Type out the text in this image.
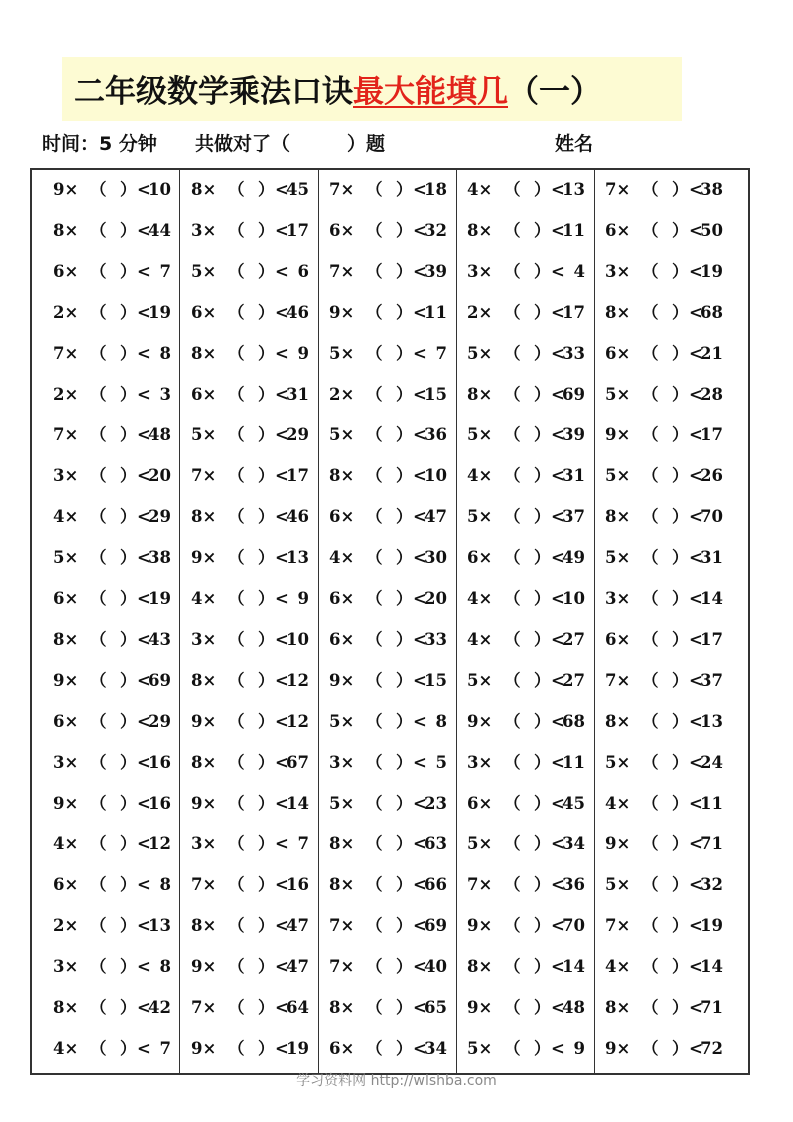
二年级数学乘法口诀最大能填几（一）
时间：5 分钟 共做对了（　　　）题	姓名
9× （ ） <
10
8× （ ） <
44
6× （ ） < 7
2× （ ） <
19
7× （ ） < 8
2× （ ） < 3
7× （ ） <
48
3× （ ） <
20
4× （ ） <
29
5× （ ） <
38
6× （ ） <
19
8× （ ） <
43
9× （ ） <
69
6× （ ） <
29
3× （ ） <
16
9× （ ） <
16
4× （ ） <
12
6× （ ） < 8
2× （ ） <
13
3× （ ） < 8
8× （ ） <
42
4× （ ） < 7
8× （ ） <
45
3× （ ） <
17
5× （ ） < 6
6× （ ） <
46
8× （ ） < 9
6× （ ） <
31
5× （ ） <
29
7× （ ） <
17
8× （ ） <
46
9× （ ） <
13
4× （ ） < 9
3× （ ） <
10
8× （ ） <
12
9× （ ） <
12
8× （ ） <
67
9× （ ） <
14
3× （ ） < 7
7× （ ） <
16
8× （ ） <
47
9× （ ） <
47
7× （ ） <
64
9× （ ） <
19
7× （ ） <
18
6× （ ） <
32
7× （ ） <
39
9× （ ） <
11
5× （ ） < 7
2× （ ） <
15
5× （ ） <
36
8× （ ） <
10
6× （ ） <
47
4× （ ） <
30
6× （ ） <
20
6× （ ） <
33
9× （ ） <
15
5× （ ） < 8
3× （ ） < 5
5× （ ） <
23
8× （ ） <
63
8× （ ） <
66
7× （ ） <
69
7× （ ） <
40
8× （ ） <
65
6× （ ） <
34
4× （ ） <
13
8× （ ） <
11
3× （ ） < 4
2× （ ） <
17
5× （ ） <
33
8× （ ） <
69
5× （ ） <
39
4× （ ） <
31
5× （ ） <
37
6× （ ） <
49
4× （ ） <
10
4× （ ） <
27
5× （ ） <
27
9× （ ） <
68
3× （ ） <
11
6× （ ） <
45
5× （ ） <
34
7× （ ） <
36
9× （ ） <
70
8× （ ） <
14
9× （ ） <
48
5× （ ） < 9
7× （ ） <
38
6× （ ） <
50
3× （ ） <
19
8× （ ） <
68
6× （ ） <
21
5× （ ） <
28
9× （ ） <
17
5× （ ） <
26
8× （ ） <
70
5× （ ） <
31
3× （ ） <
14
6× （ ） <
17
7× （ ） <
37
8× （ ） <
13
5× （ ） <
24
4× （ ） <
11
9× （ ） <
71
5× （ ） <
32
7× （ ） <
19
4× （ ） <
14
8× （ ） <
71
9× （ ） <
72
学习资料网 http://wlshba.com
